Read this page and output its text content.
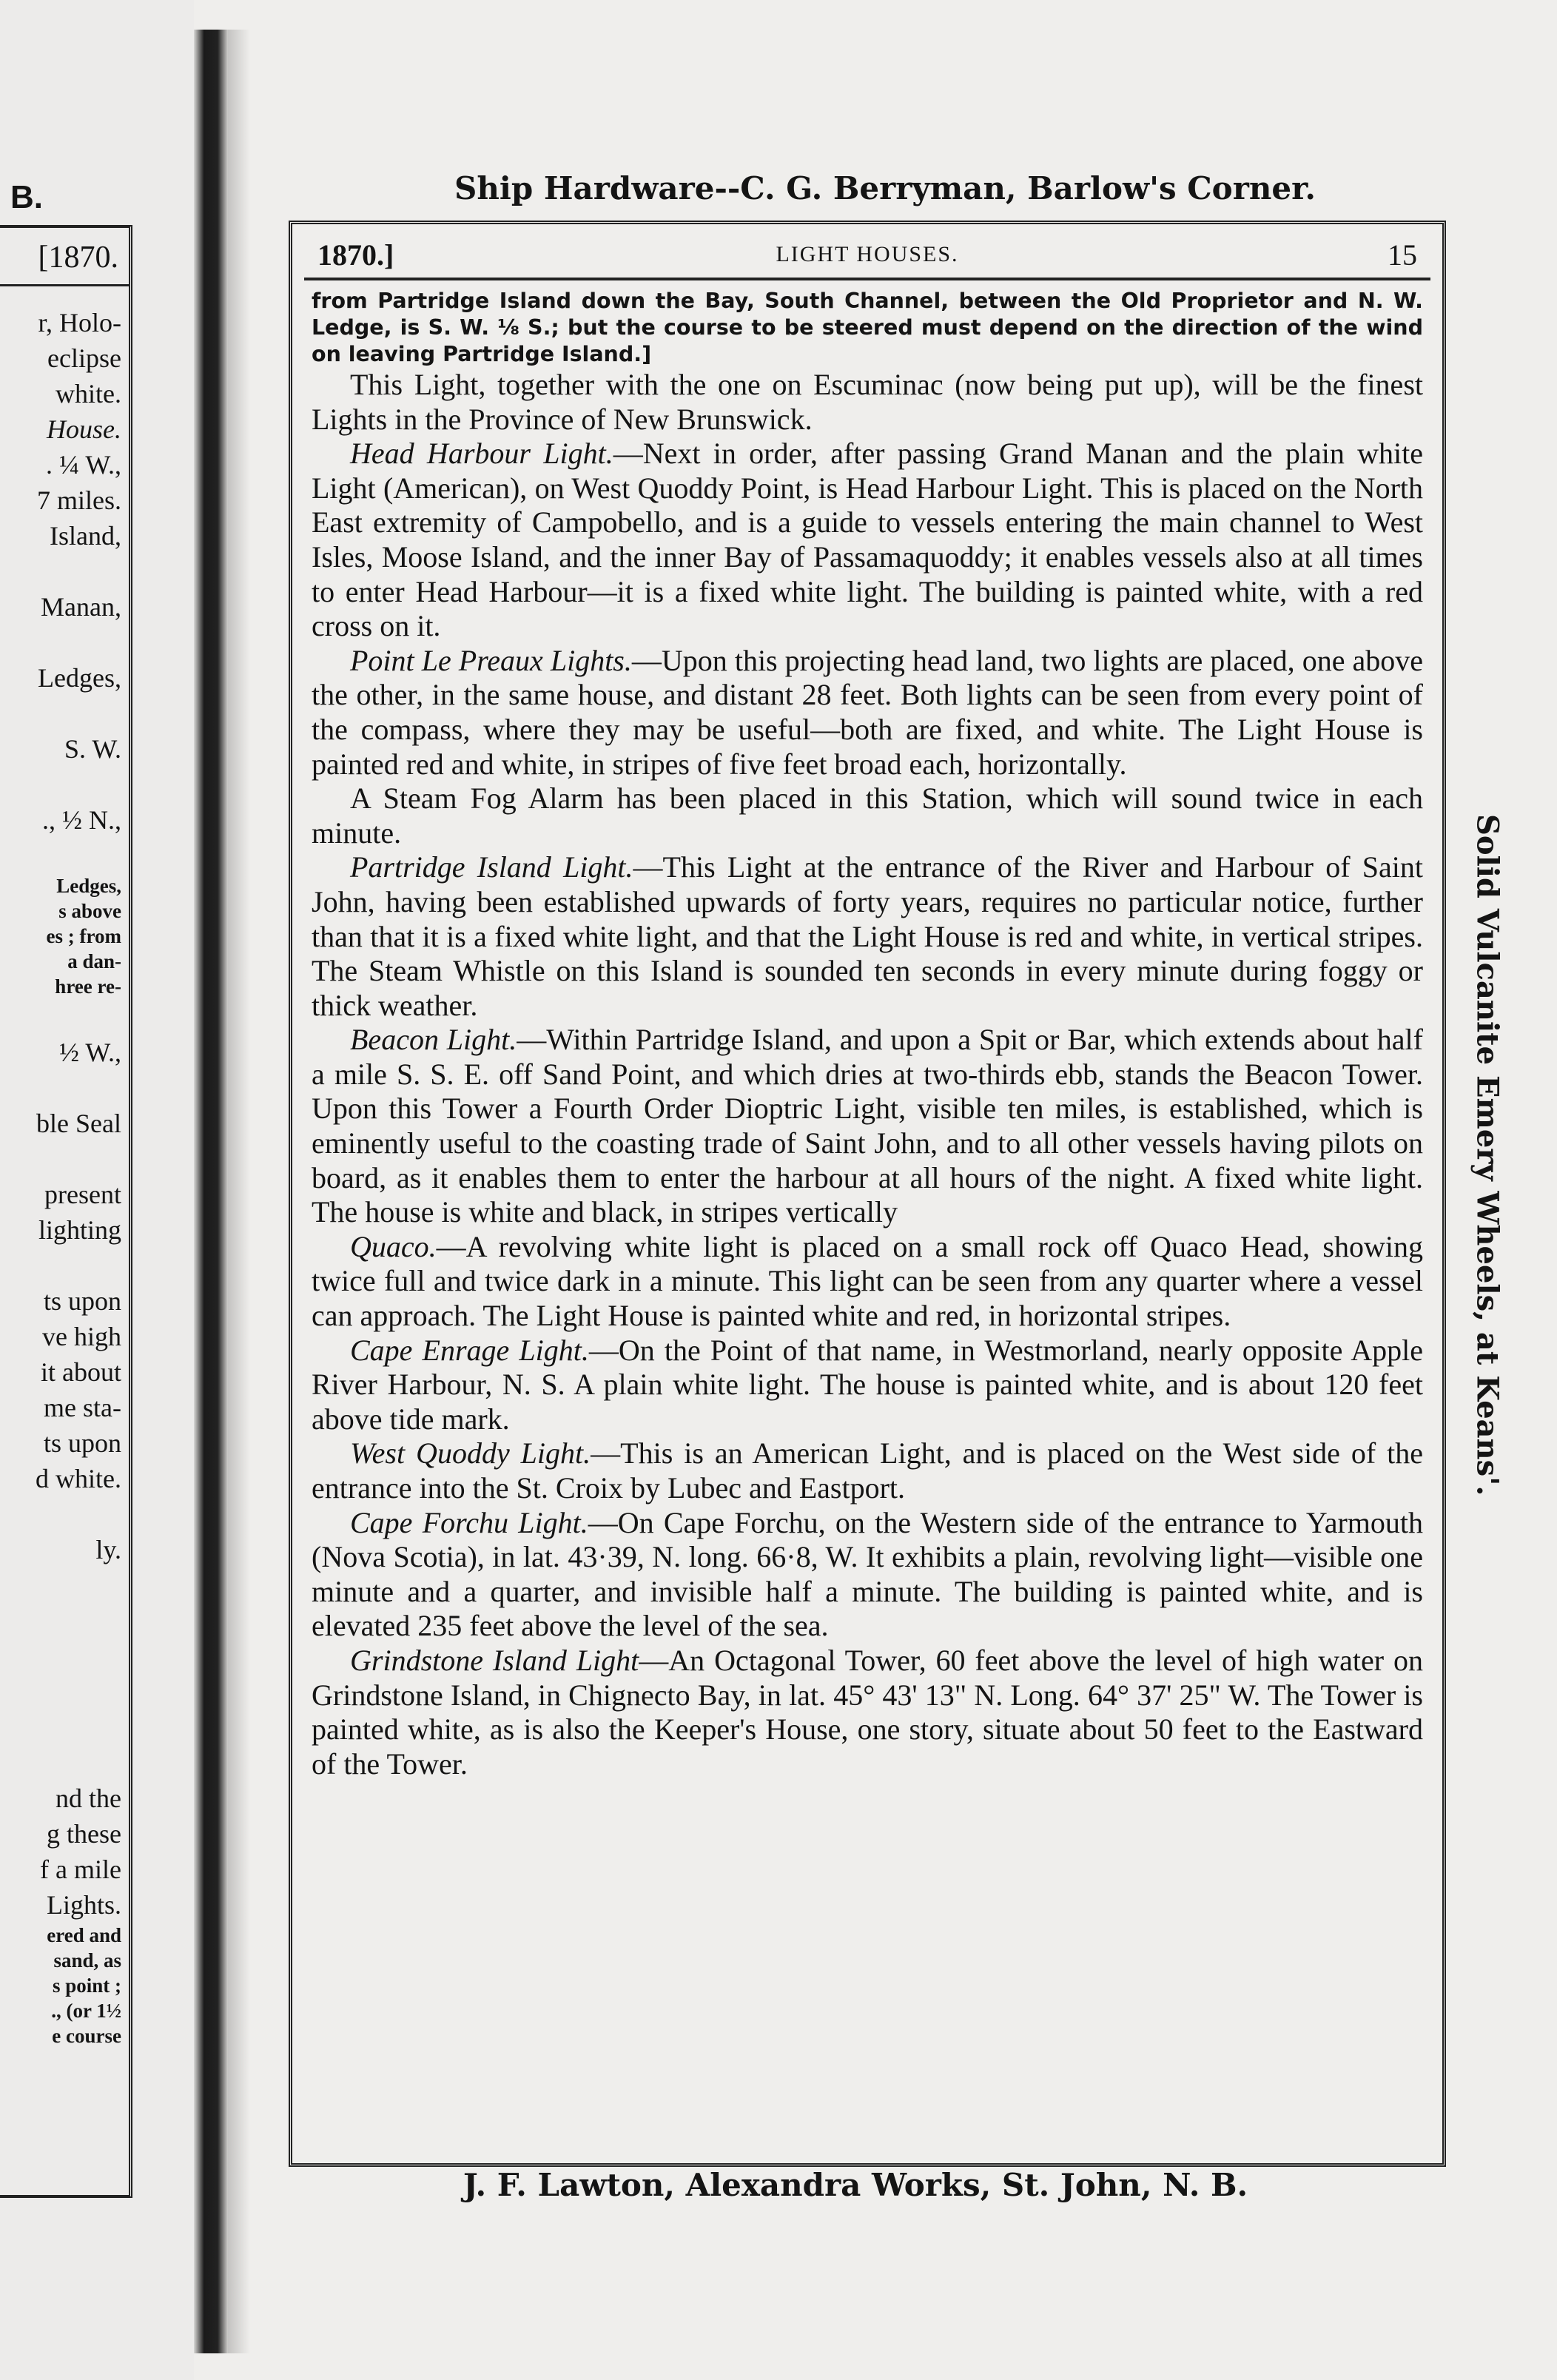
B.
[1870.
r, Holo-
eclipse
white.
House.
. ¼ W.,
7 miles.
Island,

Manan,

Ledges,

S. W.

., ½ N.,

Ledges,
s above
es ; from
a dan-
hree re-

½ W.,

ble Seal

present
lighting

ts upon
ve high
it about
me sta-
ts upon
d white.

ly.

nd the
g these
f a mile
Lights.
ered and
sand, as
s point ;
., (or 1½
e course
Ship Hardware--C. G. Berryman, Barlow's Corner.
1870.]	LIGHT HOUSES.	15

from Partridge Island down the Bay, South Channel, between the Old Proprietor and N. W. Ledge, is S. W. ⅛ S.; but the course to be steered must depend on the direction of the wind on leaving Partridge Island.]

This Light, together with the one on Escuminac (now being put up), will be the finest Lights in the Province of New Brunswick.

Head Harbour Light.—Next in order, after passing Grand Manan and the plain white Light (American), on West Quoddy Point, is Head Harbour Light. This is placed on the North East extremity of Campobello, and is a guide to vessels entering the main channel to West Isles, Moose Island, and the inner Bay of Passamaquoddy; it enables vessels also at all times to enter Head Harbour—it is a fixed white light. The building is painted white, with a red cross on it.

Point Le Preaux Lights.—Upon this projecting head land, two lights are placed, one above the other, in the same house, and distant 28 feet. Both lights can be seen from every point of the compass, where they may be useful—both are fixed, and white. The Light House is painted red and white, in stripes of five feet broad each, horizontally.

A Steam Fog Alarm has been placed in this Station, which will sound twice in each minute.

Partridge Island Light.—This Light at the entrance of the River and Harbour of Saint John, having been established upwards of forty years, requires no particular notice, further than that it is a fixed white light, and that the Light House is red and white, in vertical stripes. The Steam Whistle on this Island is sounded ten seconds in every minute during foggy or thick weather.

Beacon Light.—Within Partridge Island, and upon a Spit or Bar, which extends about half a mile S. S. E. off Sand Point, and which dries at two-thirds ebb, stands the Beacon Tower. Upon this Tower a Fourth Order Dioptric Light, visible ten miles, is established, which is eminently useful to the coasting trade of Saint John, and to all other vessels having pilots on board, as it enables them to enter the harbour at all hours of the night. A fixed white light. The house is white and black, in stripes vertically

Quaco.—A revolving white light is placed on a small rock off Quaco Head, showing twice full and twice dark in a minute. This light can be seen from any quarter where a vessel can approach. The Light House is painted white and red, in horizontal stripes.

Cape Enrage Light.—On the Point of that name, in Westmorland, nearly opposite Apple River Harbour, N. S. A plain white light. The house is painted white, and is about 120 feet above tide mark.

West Quoddy Light.—This is an American Light, and is placed on the West side of the entrance into the St. Croix by Lubec and Eastport.

Cape Forchu Light.—On Cape Forchu, on the Western side of the entrance to Yarmouth (Nova Scotia), in lat. 43·39, N. long. 66·8, W. It exhibits a plain, revolving light—visible one minute and a quarter, and invisible half a minute. The building is painted white, and is elevated 235 feet above the level of the sea.

Grindstone Island Light—An Octagonal Tower, 60 feet above the level of high water on Grindstone Island, in Chignecto Bay, in lat. 45° 43' 13" N. Long. 64° 37' 25" W. The Tower is painted white, as is also the Keeper's House, one story, situate about 50 feet to the Eastward of the Tower.

Solid Vulcanite Emery Wheels, at Keans'.
J. F. Lawton, Alexandra Works, St. John, N. B.
